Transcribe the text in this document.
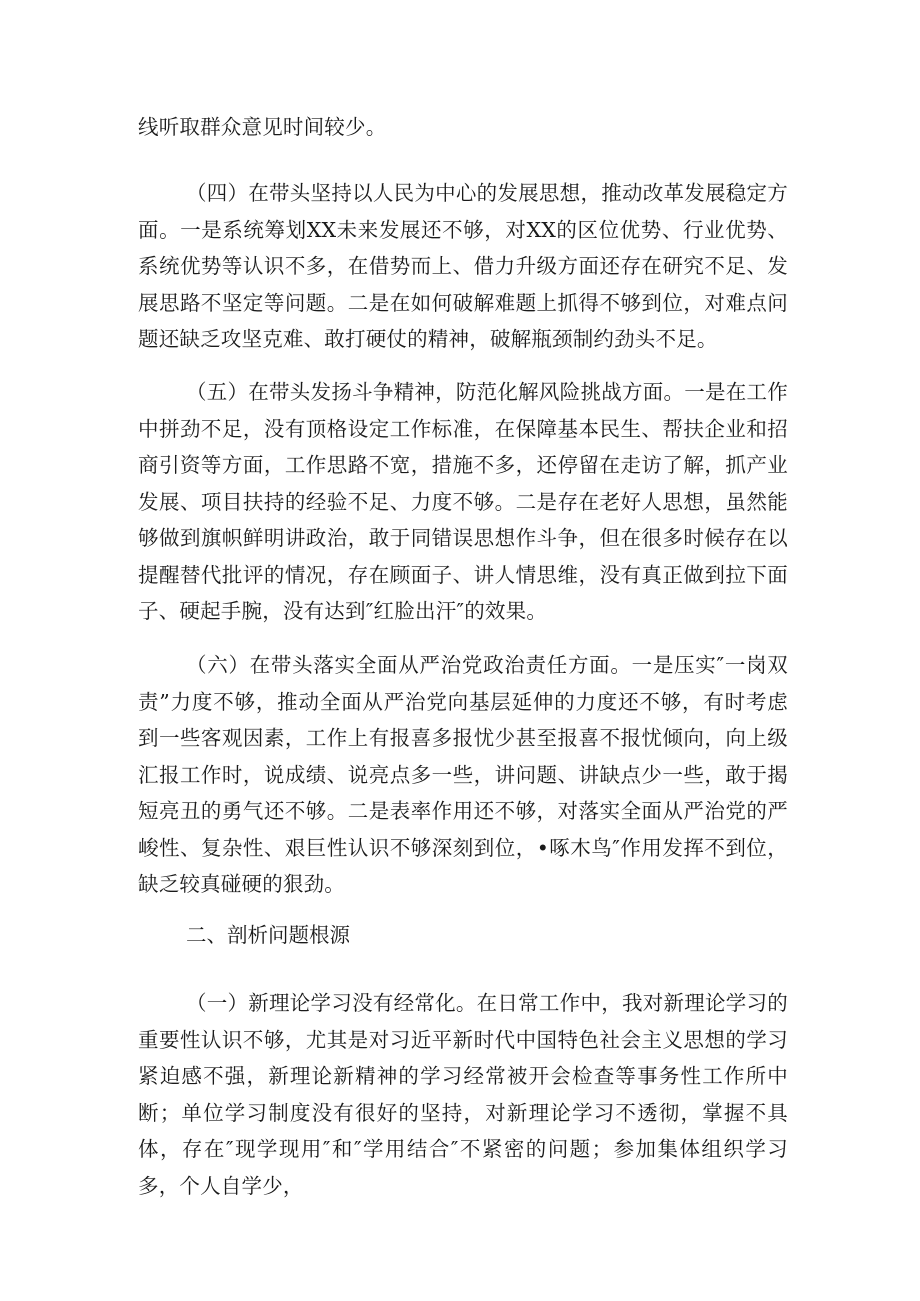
线听取群众意见时间较少。

（四）在带头坚持以人民为中心的发展思想，推动改革发展稳定方面。一是系统筹划XX未来发展还不够，对XX的区位优势、行业优势、系统优势等认识不多，在借势而上、借力升级方面还存在研究不足、发展思路不坚定等问题。二是在如何破解难题上抓得不够到位，对难点问题还缺乏攻坚克难、敢打硬仗的精神，破解瓶颈制约劲头不足。

（五）在带头发扬斗争精神，防范化解风险挑战方面。一是在工作中拼劲不足，没有顶格设定工作标准，在保障基本民生、帮扶企业和招商引资等方面，工作思路不宽，措施不多，还停留在走访了解，抓产业发展、项目扶持的经验不足、力度不够。二是存在老好人思想，虽然能够做到旗帜鲜明讲政治，敢于同错误思想作斗争，但在很多时候存在以提醒替代批评的情况，存在顾面子、讲人情思维，没有真正做到拉下面子、硬起手腕，没有达到″红脸出汗″的效果。

（六）在带头落实全面从严治党政治责任方面。一是压实″一岗双责”力度不够，推动全面从严治党向基层延伸的力度还不够，有时考虑到一些客观因素，工作上有报喜多报忧少甚至报喜不报忧倾向，向上级汇报工作时，说成绩、说亮点多一些，讲问题、讲缺点少一些，敢于揭短亮丑的勇气还不够。二是表率作用还不够，对落实全面从严治党的严峻性、复杂性、艰巨性认识不够深刻到位，•啄木鸟″作用发挥不到位，缺乏较真碰硬的狠劲。

二、剖析问题根源

（一）新理论学习没有经常化。在日常工作中，我对新理论学习的重要性认识不够，尤其是对习近平新时代中国特色社会主义思想的学习紧迫感不强，新理论新精神的学习经常被开会检查等事务性工作所中断；单位学习制度没有很好的坚持，对新理论学习不透彻，掌握不具体，存在″现学现用″和″学用结合″不紧密的问题；参加集体组织学习多，个人自学少，
